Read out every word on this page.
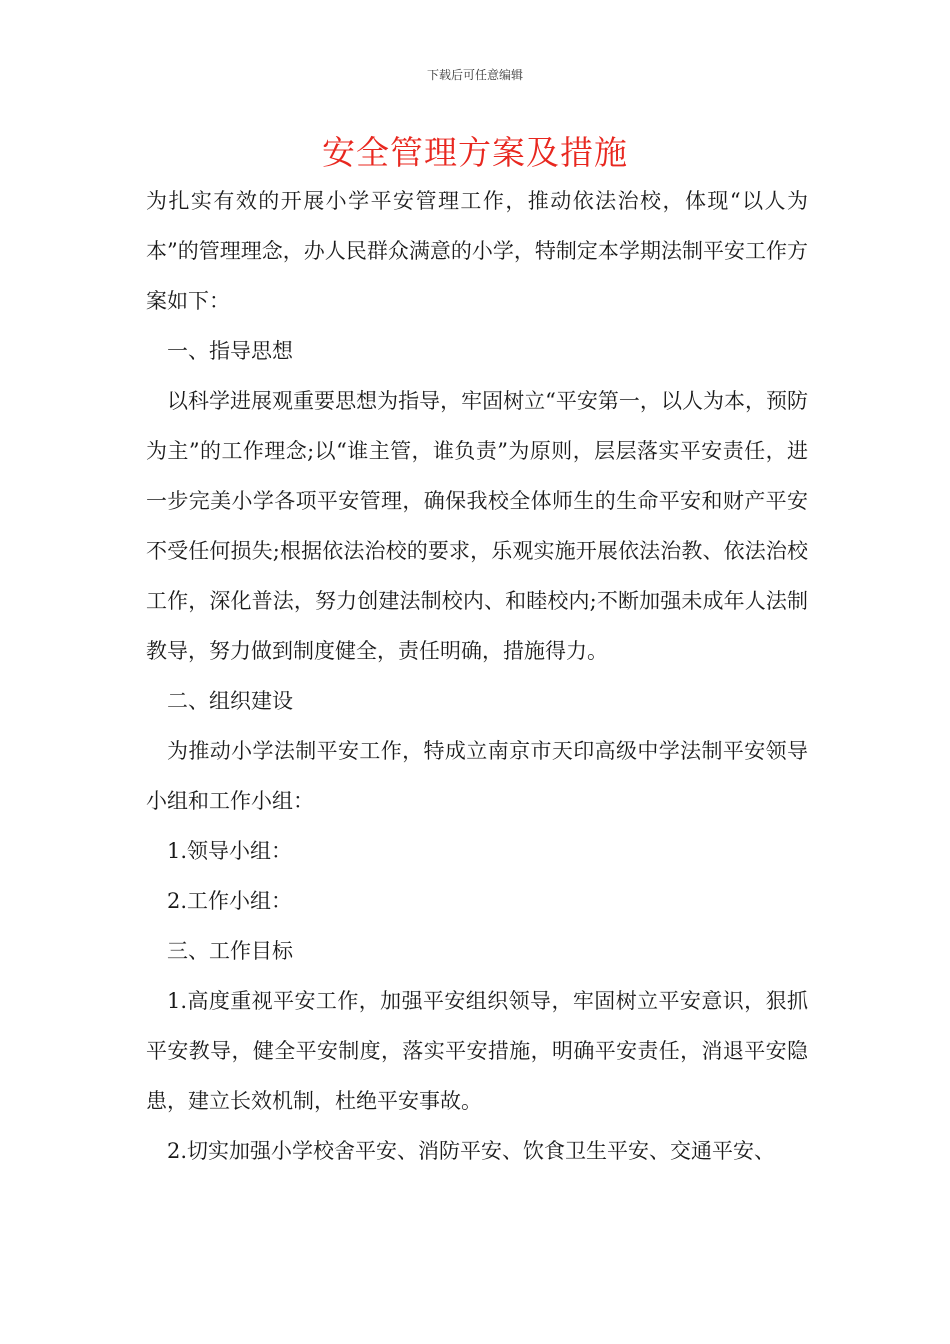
下载后可任意编辑
安全管理方案及措施

为扎实有效的开展小学平安管理工作，推动依法治校，体现“以人为本”的管理理念，办人民群众满意的小学，特制定本学期法制平安工作方案如下：

一、指导思想

以科学进展观重要思想为指导，牢固树立“平安第一，以人为本，预防为主”的工作理念;以“谁主管，谁负责”为原则，层层落实平安责任，进一步完美小学各项平安管理，确保我校全体师生的生命平安和财产平安不受任何损失;根据依法治校的要求，乐观实施开展依法治教、依法治校工作，深化普法，努力创建法制校内、和睦校内;不断加强未成年人法制教导，努力做到制度健全，责任明确，措施得力。

二、组织建设

为推动小学法制平安工作，特成立南京市天印高级中学法制平安领导小组和工作小组：

1.领导小组：

2.工作小组：

三、工作目标

1.高度重视平安工作，加强平安组织领导，牢固树立平安意识，狠抓平安教导，健全平安制度，落实平安措施，明确平安责任，消退平安隐患，建立长效机制，杜绝平安事故。

2.切实加强小学校舍平安、消防平安、饮食卫生平安、交通平安、
